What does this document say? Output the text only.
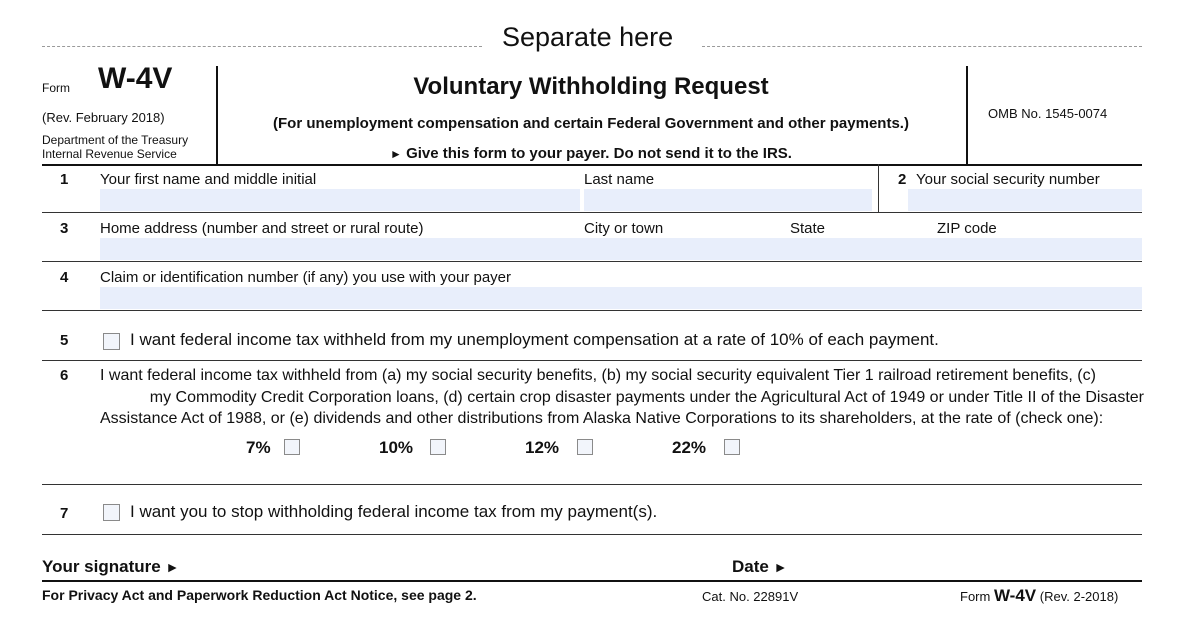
Separate here
Form W-4V
(Rev. February 2018)
Department of the Treasury
Internal Revenue Service
Voluntary Withholding Request
(For unemployment compensation and certain Federal Government and other payments.)
► Give this form to your payer. Do not send it to the IRS.
OMB No. 1545-0074
1 Your first name and middle initial	Last name	2 Your social security number
3 Home address (number and street or rural route)	City or town	State	ZIP code
4 Claim or identification number (if any) you use with your payer
5	I want federal income tax withheld from my unemployment compensation at a rate of 10% of each payment.
6 I want federal income tax withheld from (a) my social security benefits, (b) my social security equivalent Tier 1 railroad retirement benefits, (c)
my Commodity Credit Corporation loans, (d) certain crop disaster payments under the Agricultural Act of 1949 or under Title II of the Disaster
Assistance Act of 1988, or (e) dividends and other distributions from Alaska Native Corporations to its shareholders, at the rate of (check one):
7%	10%	12%	22%
7	I want you to stop withholding federal income tax from my payment(s).
Your signature ►	Date ►
For Privacy Act and Paperwork Reduction Act Notice, see page 2.	Cat. No. 22891V	Form W-4V (Rev. 2-2018)
